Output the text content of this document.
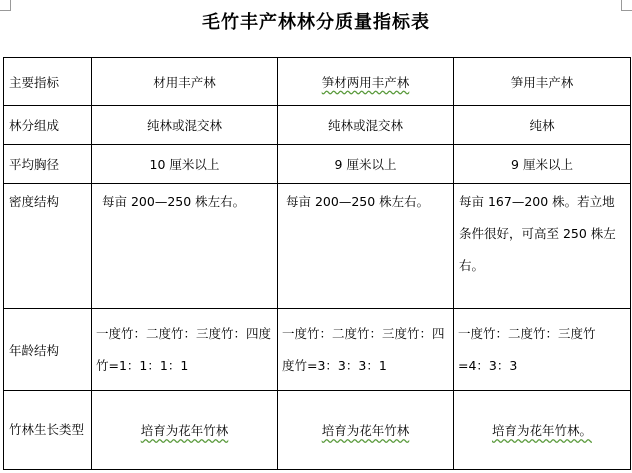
毛竹丰产林林分质量指标表
主要指标	材用丰产林	笋材两用丰产林	笋用丰产林
林分组成	纯林或混交林	纯林或混交林	纯林
平均胸径	10 厘米以上	9 厘米以上	9 厘米以上
密度结构	每亩 200—250 株左右。	每亩 200—250 株左右。	每亩 167—200 株。若立地条件很好，可高至 250 株左右。
年龄结构	一度竹：二度竹：三度竹：四度竹=1：1：1：1	一度竹：二度竹：三度竹：四度竹=3：3：3：1	一度竹：二度竹：三度竹=4：3：3
竹林生长类型	培育为花年竹林	培育为花年竹林	培育为花年竹林。
